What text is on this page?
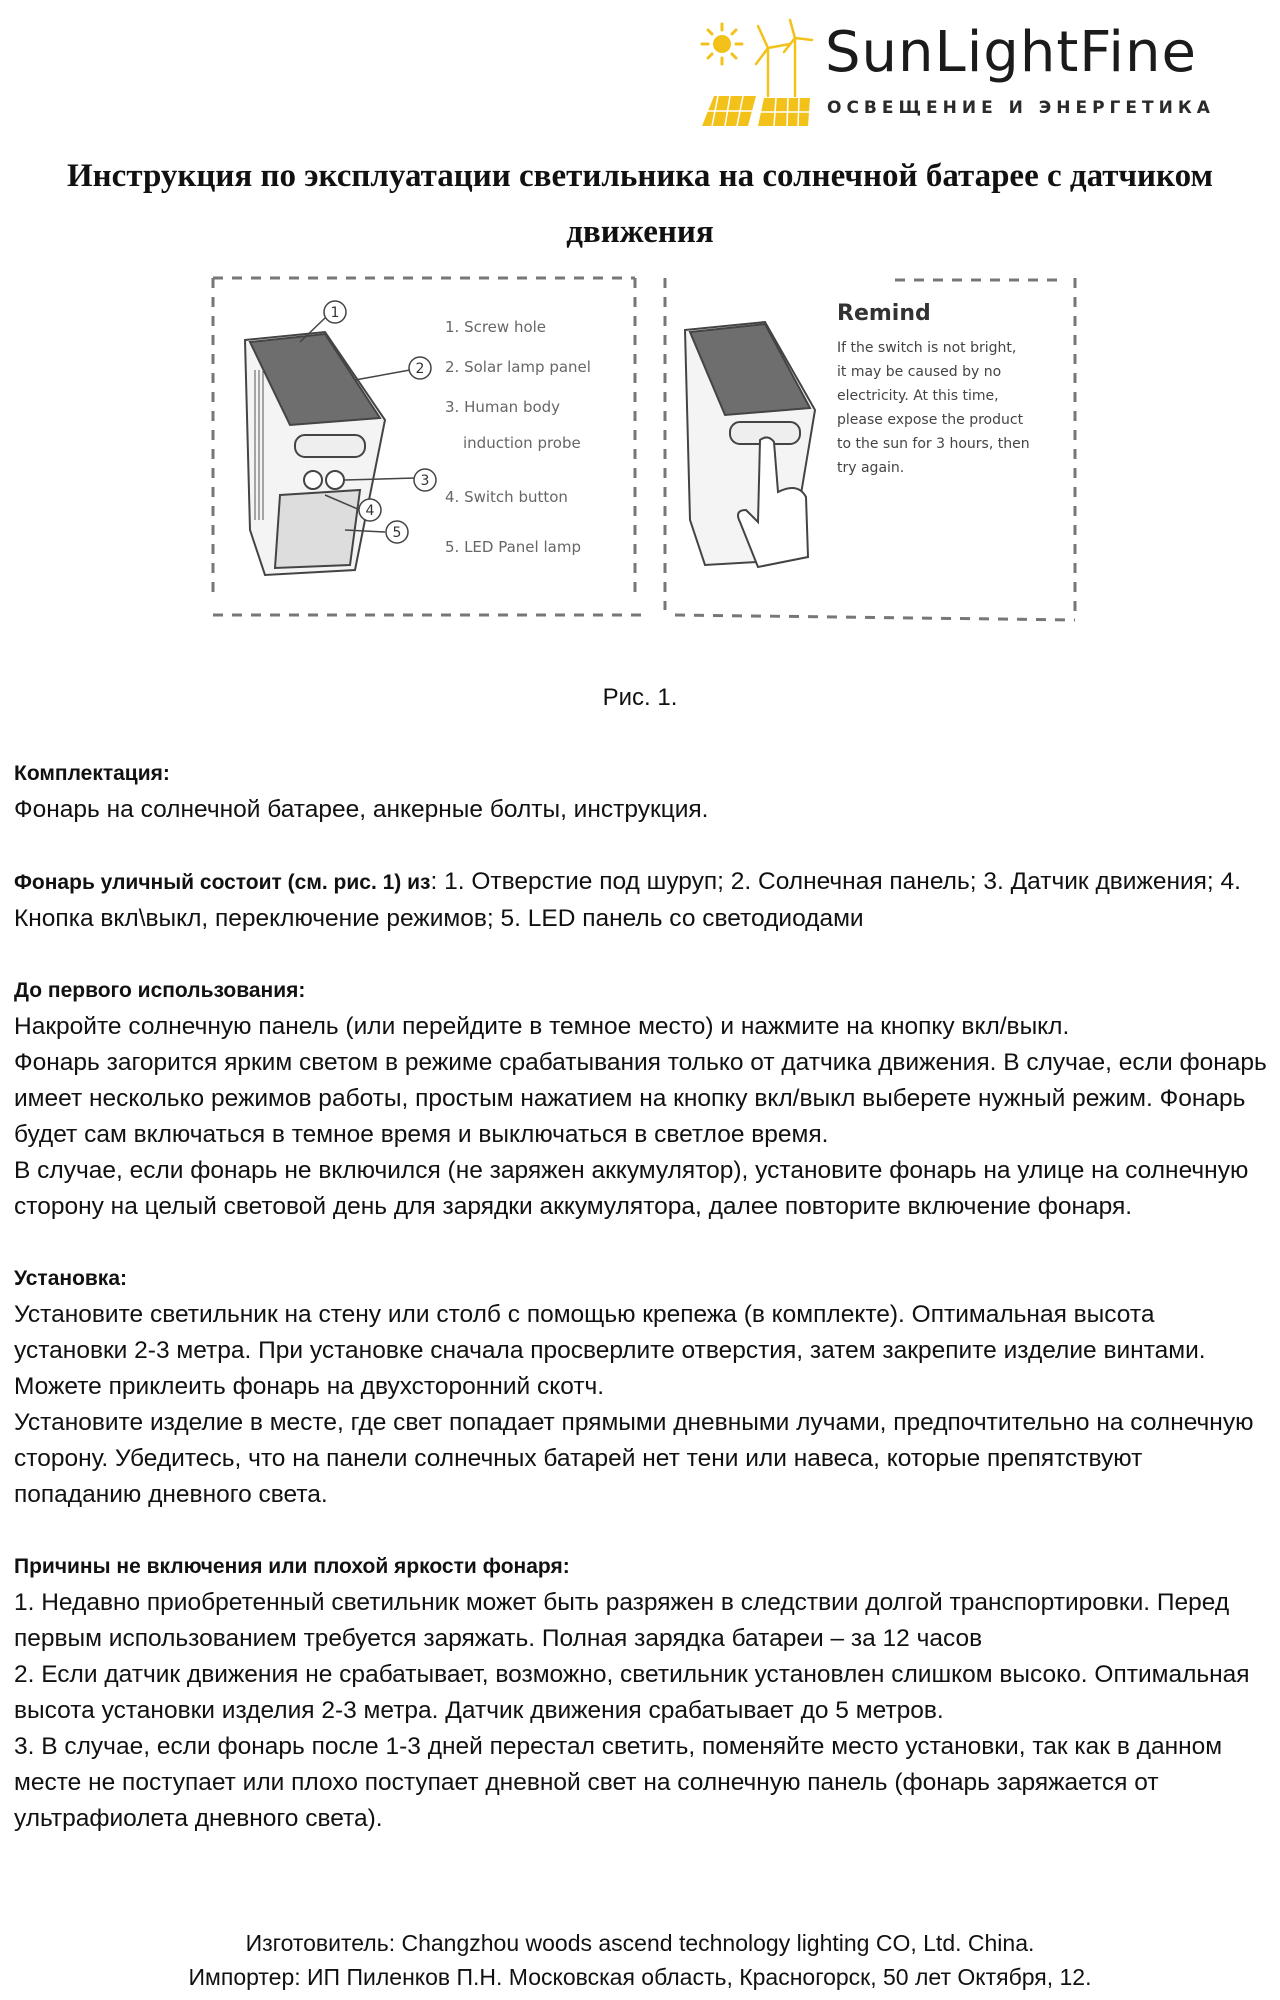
SunLightFine
ОСВЕЩЕНИЕ И ЭНЕРГЕТИКА
Инструкция по эксплуатации светильника на солнечной батарее с датчиком движения
1
2
3
4
5
1. Screw hole
2. Solar lamp panel
3. Human body
induction probe
4. Switch button
5. LED Panel lamp
Remind
If the switch is not bright,
it may be caused by no
electricity. At this time,
please expose the product
to the sun for 3 hours, then
try again.
Рис. 1.

Комплектация:

Фонарь на солнечной батарее, анкерные болты, инструкция.

Фонарь уличный состоит (см. рис. 1) из: 1. Отверстие под шуруп; 2. Солнечная панель; 3. Датчик движения; 4. Кнопка вкл\выкл, переключение режимов; 5. LED панель со светодиодами

До первого использования:

Накройте солнечную панель (или перейдите в темное место) и нажмите на кнопку вкл/выкл.

Фонарь загорится ярким светом в режиме срабатывания только от датчика движения. В случае, если фонарь имеет несколько режимов работы, простым нажатием на кнопку вкл/выкл выберете нужный режим. Фонарь будет сам включаться в темное время и выключаться в светлое время.

В случае, если фонарь не включился (не заряжен аккумулятор), установите фонарь на улице на солнечную сторону на целый световой день для зарядки аккумулятора, далее повторите включение фонаря.

Установка:

Установите светильник на стену или столб с помощью крепежа (в комплекте). Оптимальная высота установки 2-3 метра. При установке сначала просверлите отверстия, затем закрепите изделие винтами. Можете приклеить фонарь на двухсторонний скотч.

Установите изделие в месте, где свет попадает прямыми дневными лучами, предпочтительно на солнечную сторону. Убедитесь, что на панели солнечных батарей нет тени или навеса, которые препятствуют попаданию дневного света.

Причины не включения или плохой яркости фонаря:

1. Недавно приобретенный светильник может быть разряжен в следствии долгой транспортировки. Перед первым использованием требуется заряжать. Полная зарядка батареи – за 12 часов

2. Если датчик движения не срабатывает, возможно, светильник установлен слишком высоко. Оптимальная высота установки изделия 2-3 метра. Датчик движения срабатывает до 5 метров.

3. В случае, если фонарь после 1-3 дней перестал светить, поменяйте место установки, так как в данном месте не поступает или плохо поступает дневной свет на солнечную панель (фонарь заряжается от ультрафиолета дневного света).

Изготовитель: Changzhou woods ascend technology lighting CO, Ltd. China.
Импортер: ИП Пиленков П.Н. Московская область, Красногорск, 50 лет Октября, 12.
